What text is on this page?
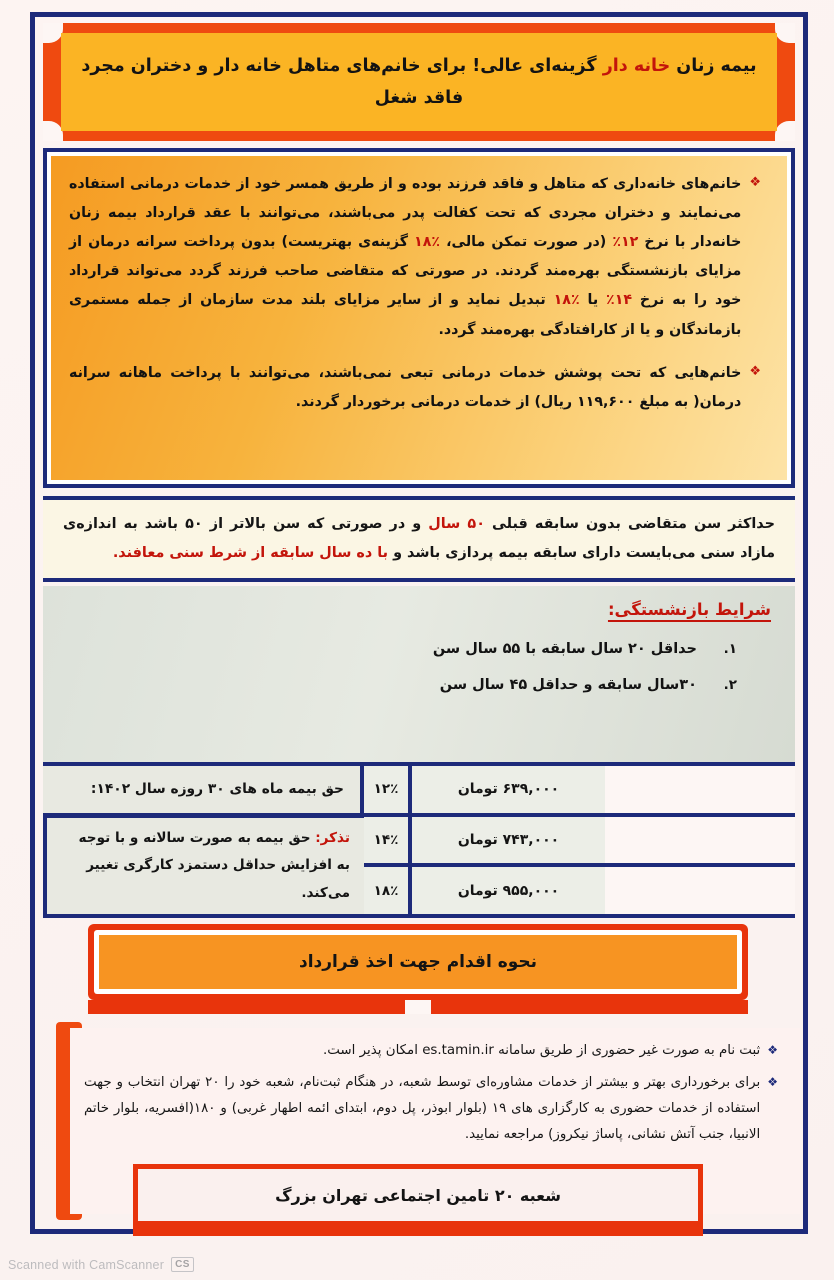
بیمه زنان خانه دار گزینه‌ای عالی! برای خانم‌های متاهل خانه دار و دختران مجرد فاقد شغل
❖
خانم‌های خانه‌داری که متاهل و فاقد فرزند بوده و از طریق همسر خود از خدمات درمانی استفاده می‌نمایند و دختران مجردی که تحت کفالت پدر می‌باشند، می‌توانند با عقد قرارداد بیمه زنان خانه‌دار با نرخ ۱۲٪ (در صورت تمکن مالی، ٪۱۸ گزینه‌ی بهتریست) بدون پرداخت سرانه درمان از مزایای بازنشستگی بهره‌مند گردند. در صورتی که متقاضی صاحب فرزند گردد می‌تواند قرارداد خود را به نرخ ۱۴٪ یا ٪۱۸ تبدیل نماید و از سایر مزایای بلند مدت سازمان از جمله مستمری بازماندگان و یا از کارافتادگی بهره‌مند گردد.
❖
خانم‌هایی که تحت پوشش خدمات درمانی تبعی نمی‌باشند، می‌توانند با پرداخت ماهانه سرانه درمان( به مبلغ ۱۱۹,۶۰۰ ریال) از خدمات درمانی برخوردار گردند.
حداکثر سن متقاضی بدون سابقه قبلی ۵۰ سال و در صورتی که سن بالاتر از ۵۰ باشد به اندازه‌ی مازاد سنی می‌بایست دارای سابقه بیمه پردازی باشد و با ده سال سابقه از شرط سنی معافند.
شرایط بازنشستگی:
۱.
حداقل ۲۰ سال سابقه با ۵۵ سال سن
۲.
۳۰سال سابقه و حداقل ۴۵ سال سن
۶۳۹,۰۰۰ تومان
۱۲٪
حق بیمه ماه های ۳۰ روزه سال ۱۴۰۲:
۷۴۳,۰۰۰ تومان
۱۴٪
۹۵۵,۰۰۰ تومان
۱۸٪
تذکر: حق بیمه به صورت سالانه و با توجه به افزایش حداقل دستمزد کارگری تغییر می‌کند.
نحوه اقدام جهت اخذ قرارداد
❖
ثبت نام به صورت غیر حضوری از طریق سامانه es.tamin.ir امکان پذیر است.
❖
برای برخورداری بهتر و بیشتر از خدمات مشاوره‌ای توسط شعبه، در هنگام ثبت‌نام، شعبه خود را ۲۰ تهران انتخاب و جهت استفاده از خدمات حضوری به کارگزاری های ۱۹ (بلوار ابوذر، پل دوم، ابتدای ائمه اطهار غربی) و ۱۸۰(افسریه، بلوار خاتم الانبیا، جنب آتش نشانی، پاساژ نیکروز) مراجعه نمایید.
شعبه ۲۰ تامین اجتماعی تهران بزرگ
CS
Scanned with CamScanner
